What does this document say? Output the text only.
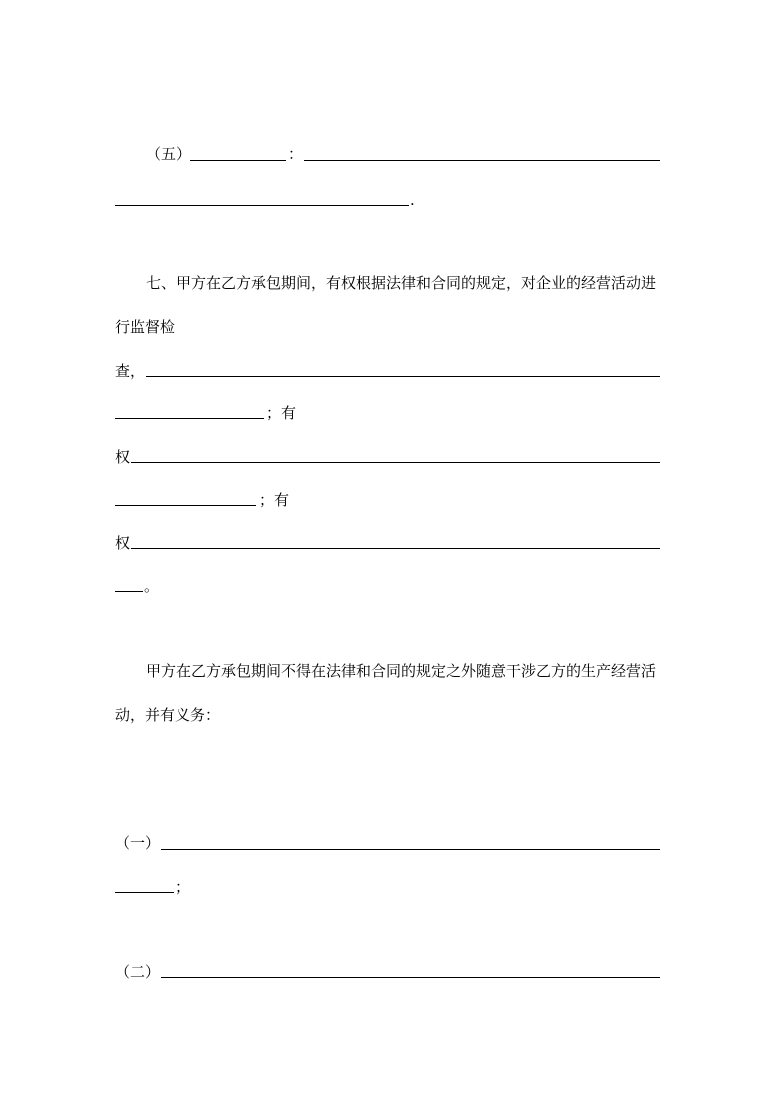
（五）	：
.
七、甲方在乙方承包期间，有权根据法律和合同的规定，对企业的经营活动进
行监督检
查，
；有
权
；有
权
。
甲方在乙方承包期间不得在法律和合同的规定之外随意干涉乙方的生产经营活
动，并有义务：
（一）
；
（二）
